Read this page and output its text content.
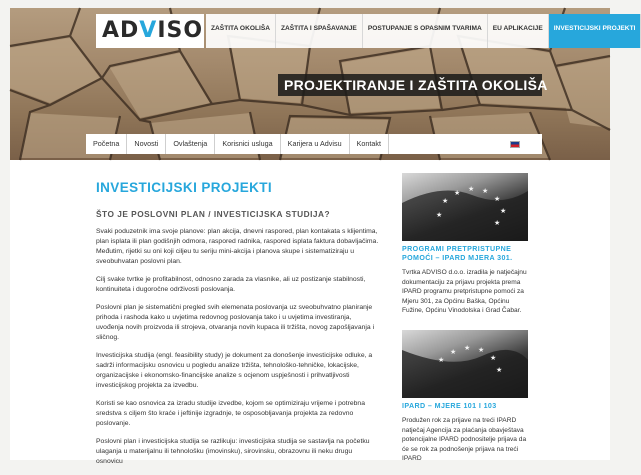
ADVISO	ZAŠTITA OKOLIŠA	ZAŠTITA I SPAŠAVANJE	POSTUPANJE S OPASNIM TVARIMA	EU APLIKACIJE	INVESTICIJSKI PROJEKTI
PROJEKTIRANJE I ZAŠTITA OKOLIŠA
Početna	Novosti	Ovlaštenja	Korisnici usluga	Karijera u Advisu	Kontakt
INVESTICIJSKI PROJEKTI
ŠTO JE POSLOVNI PLAN / INVESTICIJSKA STUDIJA?

Svaki poduzetnik ima svoje planove: plan akcija, dnevni raspored, plan kontakata s klijentima, plan isplata ili plan godišnjih odmora, raspored radnika, raspored isplata faktura dobavljačima. Međutim, rijetki su oni koji ciljeu tu seriju mini-akcija i planova skupe i sistematiziraju u sveobuhvatan poslovni plan.

Cilj svake tvrtke je profitabilnost, odnosno zarada za vlasnike, ali uz postizanje stabilnosti, kontinuiteta i dugoročne održivosti poslovanja.

Poslovni plan je sistematični pregled svih elemenata poslovanja uz sveobuhvatno planiranje prihoda i rashoda kako u uvjetima redovnog poslovanja tako i u uvjetima investiranja, uvođenja novih proizvoda ili strojeva, otvaranja novih kupaca ili tržišta, novog zapošljavanja i sličnog.

Investicijska studija (engl. feasibility study) je dokument za donošenje investicijske odluke, a sadrži informacijsku osnovicu u pogledu analize tržišta, tehnološko-tehničke, lokacijske, organizacijske i ekonomsko-financijske analize s ocjenom uspješnosti i prihvatljivosti investicijskog projekta za izvedbu.

Koristi se kao osnovica za izradu studije izvedbe, kojom se optimiziraju vrijeme i potrebna sredstva s ciljem što kraće i jeftinije izgradnje, te osposobljavanja projekta za redovno poslovanje.

Poslovni plan i investicijska studija se razlikuju: investicijska studija se sastavlja na početku ulaganja u materijalnu ili tehnološku (imovinsku), sirovinsku, obrazovnu ili neku drugu osnovicu

★
★ ★ ★
★
★
★
★
PROGRAMI PRETPRISTUPNE POMOĆI – IPARD MJERA 301.
Tvrtka ADVISO d.o.o. izradila je natječajnu dokumentaciju za prijavu projekta prema IPARD programu pretpristupne pomoći za Mjeru 301, za Općinu Baška, Općinu Fužine, Općinu Vinodolska i Grad Čabar.
★
★ ★ ★
★
★
IPARD – MJERE 101 I 103
Produžen rok za prijave na treći IPARD natječaj Agencija za plaćanja obavještava potencijalne IPARD podnositelje prijava da će se rok za podnošenje prijava na treći IPARD
